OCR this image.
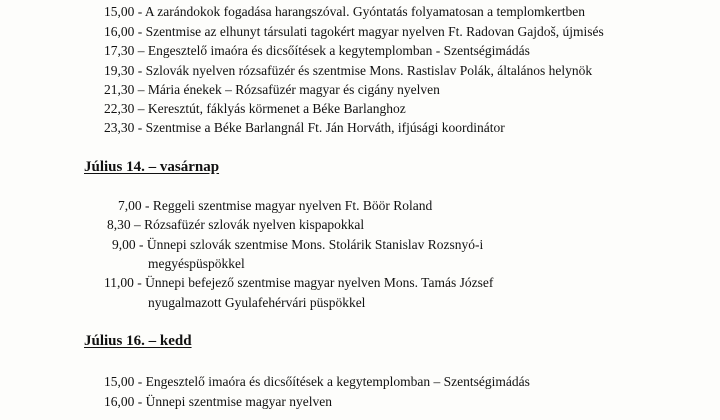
15,00 - A zarándokok fogadása harangszóval. Gyóntatás folyamatosan a templomkertben
16,00 - Szentmise az elhunyt társulati tagokért magyar nyelven Ft. Radovan Gajdoš, újmisés
17,30 – Engesztelő imaóra és dicsőítések a kegytemplomban - Szentségimádás
19,30 - Szlovák nyelven rózsafüzér és szentmise Mons. Rastislav Polák, általános helynök
21,30 – Mária énekek – Rózsafüzér magyar és cigány nyelven
22,30 – Keresztút, fáklyás körmenet a Béke Barlanghoz
23,30 - Szentmise a Béke Barlangnál Ft. Ján Horváth, ifjúsági koordinátor
Július 14. – vasárnap
7,00 - Reggeli szentmise magyar nyelven Ft. Böör Roland
8,30 – Rózsafüzér szlovák nyelven kispapokkal
9,00 - Ünnepi szlovák szentmise Mons. Stolárik Stanislav Rozsnyó-i
megyéspüspökkel
11,00 - Ünnepi befejező szentmise magyar nyelven Mons. Tamás József
nyugalmazott Gyulafehérvári püspökkel
Július 16. – kedd
15,00 - Engesztelő imaóra és dicsőítések a kegytemplomban – Szentségimádás
16,00 - Ünnepi szentmise magyar nyelven
